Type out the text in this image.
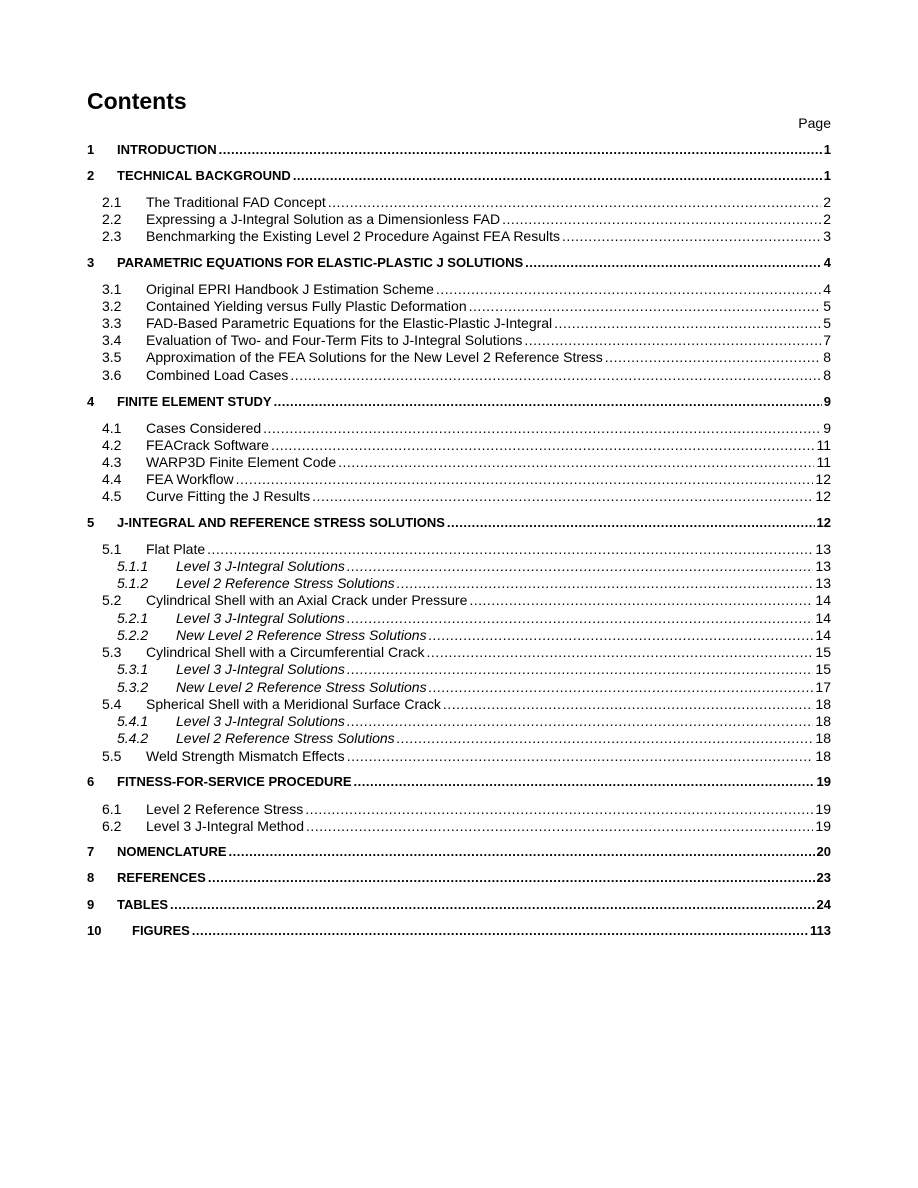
Contents
Page
1	INTRODUCTION .....	1
2	TECHNICAL BACKGROUND .....	1
2.1	The Traditional FAD Concept .....	2
2.2	Expressing a J-Integral Solution as a Dimensionless FAD .....	2
2.3	Benchmarking the Existing Level 2 Procedure Against FEA Results .....	3
3	PARAMETRIC EQUATIONS FOR ELASTIC-PLASTIC J SOLUTIONS .....	4
3.1	Original EPRI Handbook J Estimation Scheme .....	4
3.2	Contained Yielding versus Fully Plastic Deformation .....	5
3.3	FAD-Based Parametric Equations for the Elastic-Plastic J-Integral .....	5
3.4	Evaluation of Two- and Four-Term Fits to J-Integral Solutions .....	7
3.5	Approximation of the FEA Solutions for the New Level 2 Reference Stress .....	8
3.6	Combined Load Cases .....	8
4	FINITE ELEMENT STUDY .....	9
4.1	Cases Considered .....	9
4.2	FEACrack Software .....	11
4.3	WARP3D Finite Element Code .....	11
4.4	FEA Workflow .....	12
4.5	Curve Fitting the J Results .....	12
5	J-INTEGRAL AND REFERENCE STRESS SOLUTIONS .....	12
5.1	Flat Plate .....	13
5.1.1	Level 3 J-Integral Solutions .....	13
5.1.2	Level 2 Reference Stress Solutions .....	13
5.2	Cylindrical Shell with an Axial Crack under Pressure .....	14
5.2.1	Level 3 J-Integral Solutions .....	14
5.2.2	New Level 2 Reference Stress Solutions .....	14
5.3	Cylindrical Shell with a Circumferential Crack .....	15
5.3.1	Level 3 J-Integral Solutions .....	15
5.3.2	New Level 2 Reference Stress Solutions .....	17
5.4	Spherical Shell with a Meridional Surface Crack .....	18
5.4.1	Level 3 J-Integral Solutions .....	18
5.4.2	Level 2 Reference Stress Solutions .....	18
5.5	Weld Strength Mismatch Effects .....	18
6	FITNESS-FOR-SERVICE PROCEDURE .....	19
6.1	Level 2 Reference Stress .....	19
6.2	Level 3 J-Integral Method .....	19
7	NOMENCLATURE .....	20
8	REFERENCES .....	23
9	TABLES .....	24
10	FIGURES .....	113
